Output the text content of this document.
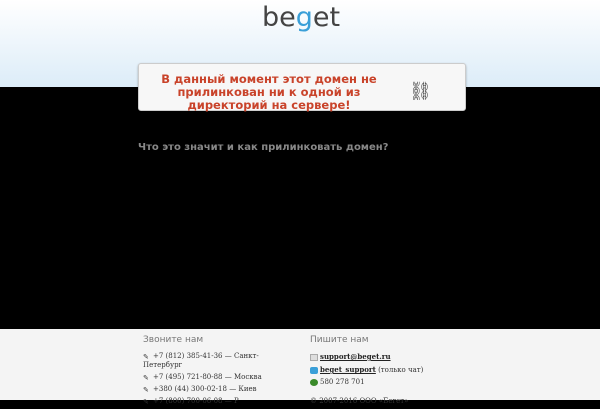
beget
В данный момент этот домен не прилинкован ни к одной из директорий на сервере!
⛓
Что это значит и как прилинковать домен?
Звоните нам
✎ +7 (812) 385-41-36 — Санкт-Петербург
✎ +7 (495) 721-80-88 — Москва
✎ +380 (44) 300-02-18 — Киев
✎ +7 (800) 700-06-08 — Р
Пишите нам
support@beget.ru
beget_support (только чат)
580 278 701
© 2007-2016 ООО «Бегет»
